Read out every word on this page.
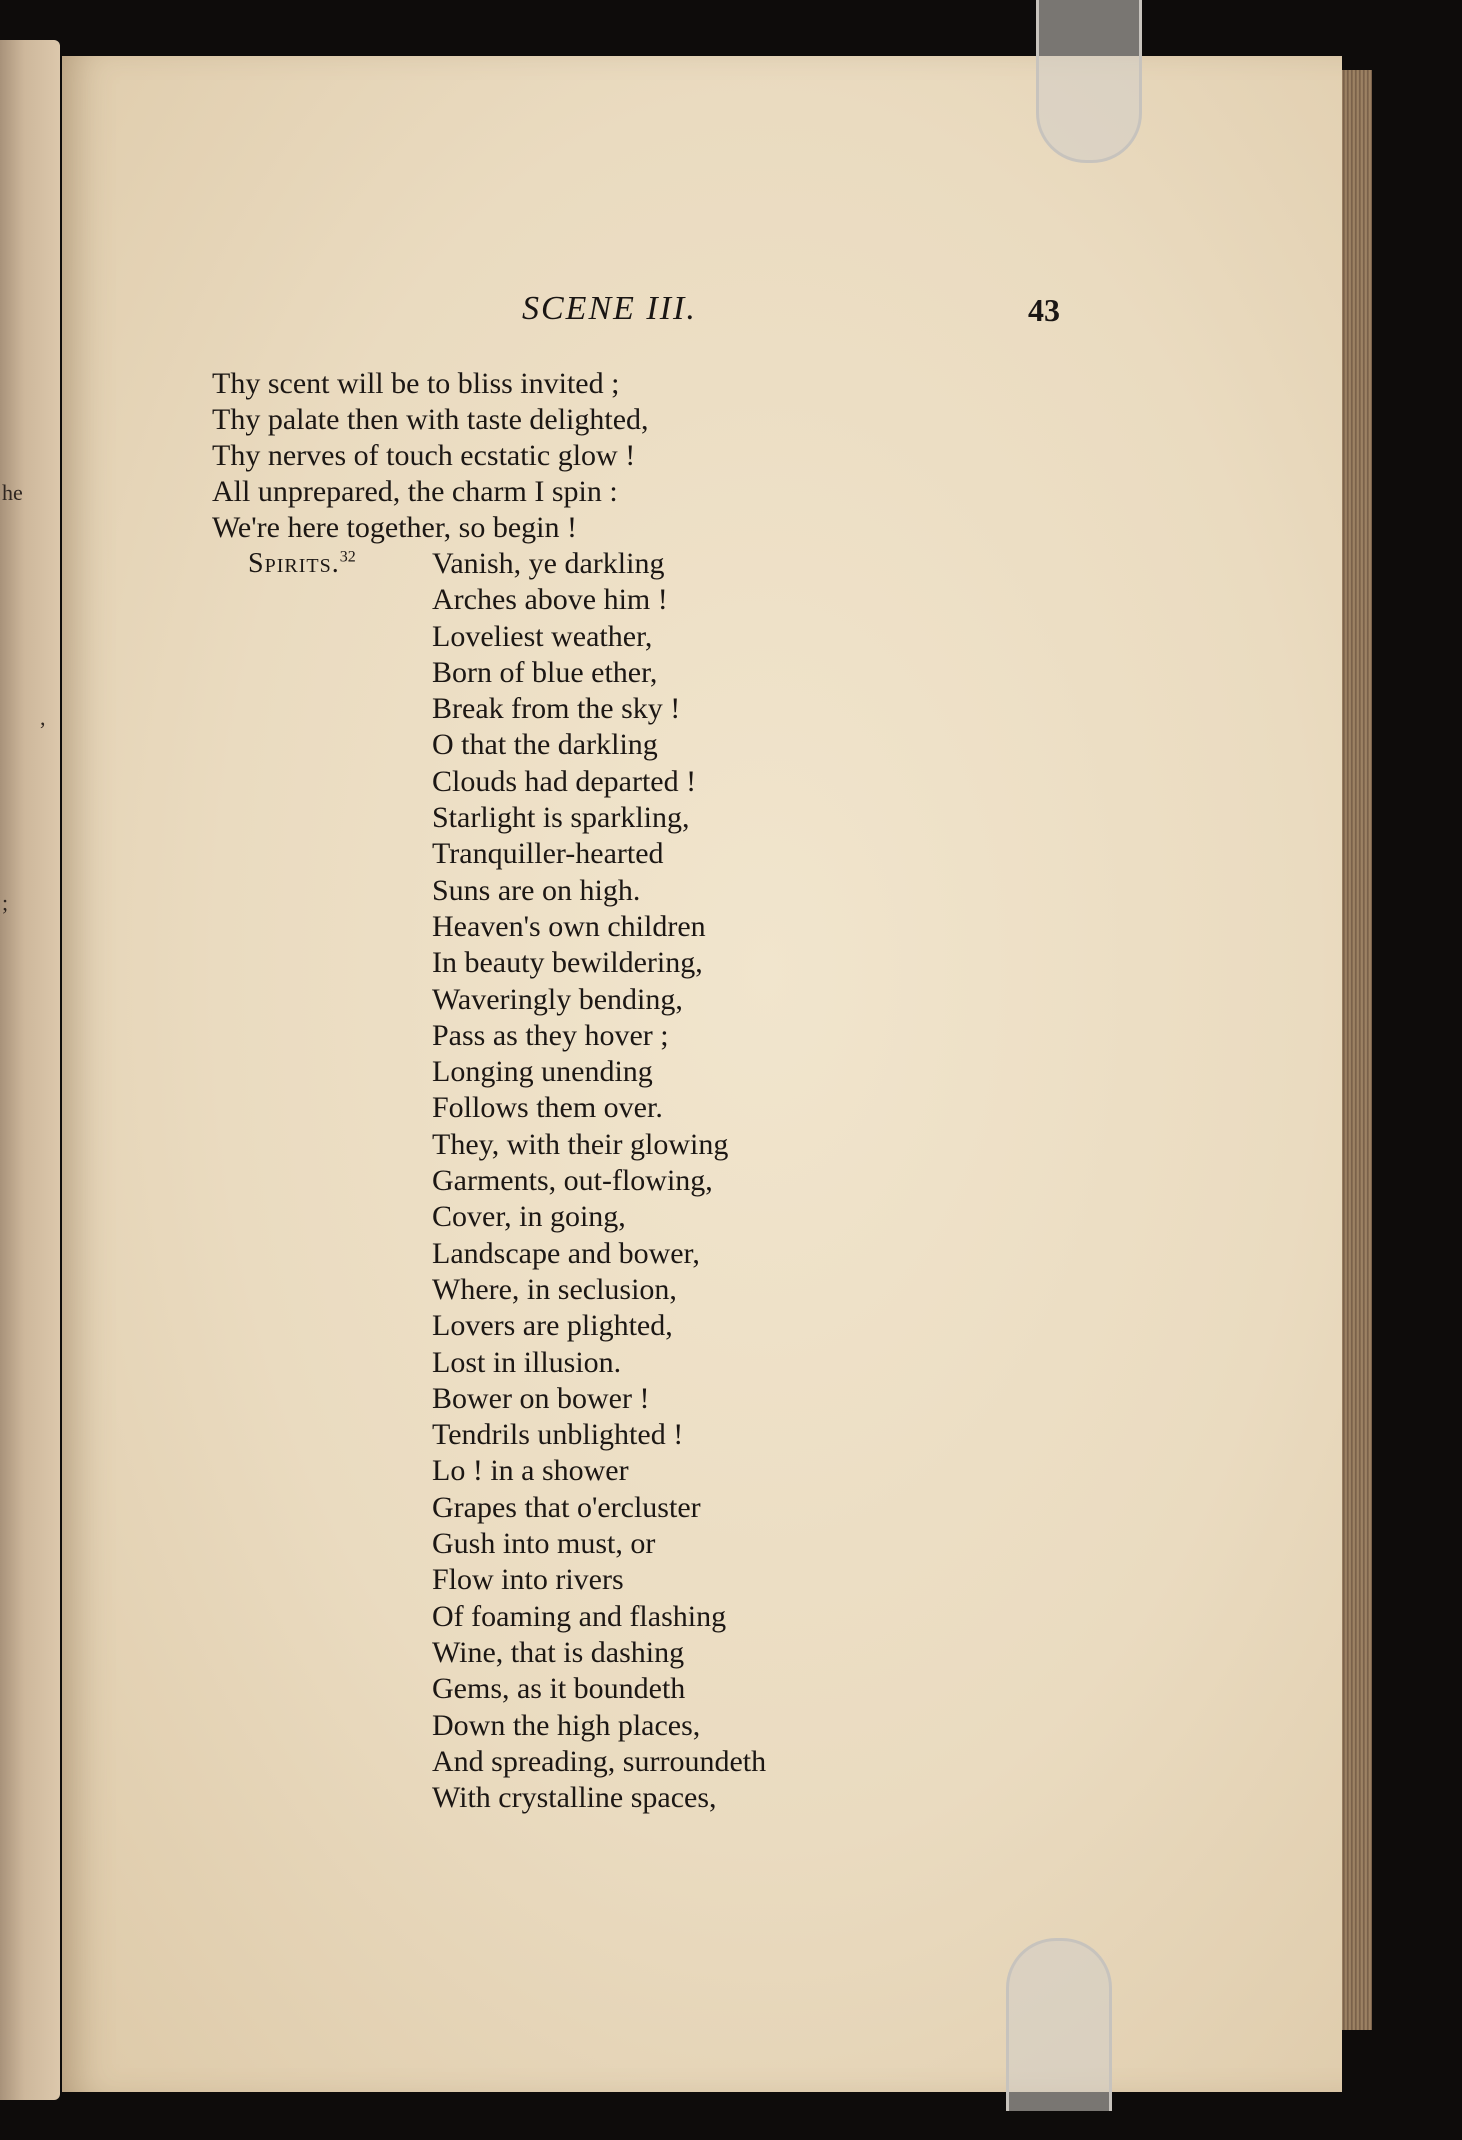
he
,
;
SCENE III.	43
Thy scent will be to bliss invited ;
Thy palate then with taste delighted,
Thy nerves of touch ecstatic glow !
All unprepared, the charm I spin :
We're here together, so begin !
Spirits.$^{32}$	Vanish, ye darkling
Arches above him !
Loveliest weather,
Born of blue ether,
Break from the sky !
O that the darkling
Clouds had departed !
Starlight is sparkling,
Tranquiller-hearted
Suns are on high.
Heaven's own children
In beauty bewildering,
Waveringly bending,
Pass as they hover ;
Longing unending
Follows them over.
They, with their glowing
Garments, out-flowing,
Cover, in going,
Landscape and bower,
Where, in seclusion,
Lovers are plighted,
Lost in illusion.
Bower on bower !
Tendrils unblighted !
Lo ! in a shower
Grapes that o'ercluster
Gush into must, or
Flow into rivers
Of foaming and flashing
Wine, that is dashing
Gems, as it boundeth
Down the high places,
And spreading, surroundeth
With crystalline spaces,
